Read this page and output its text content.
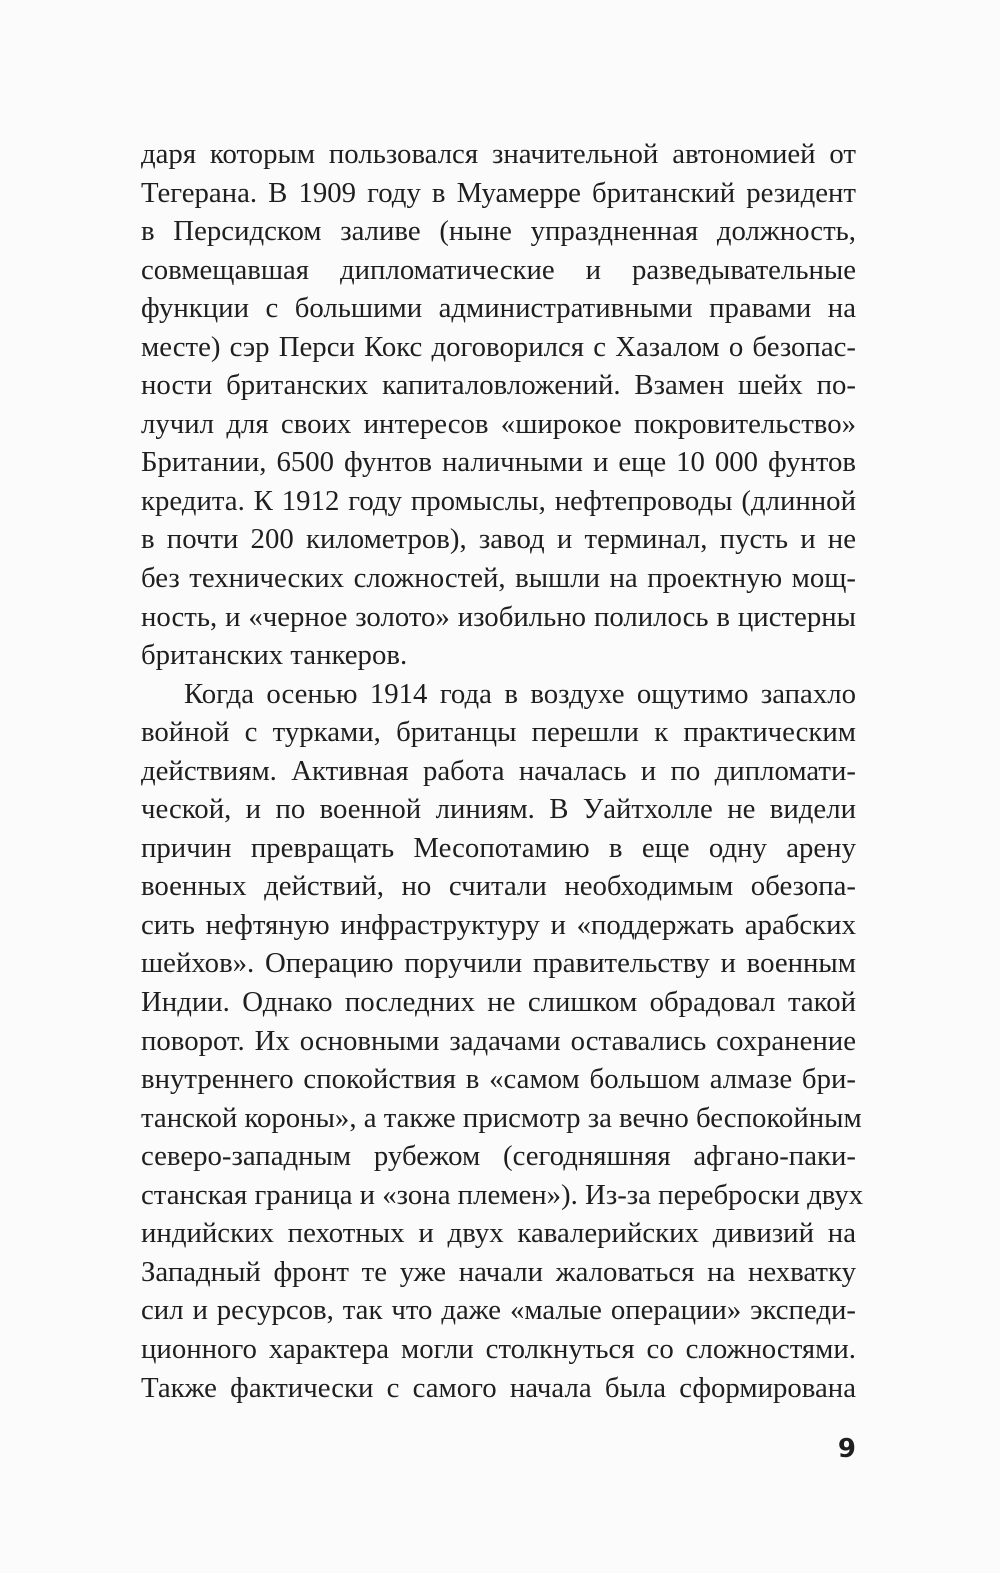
даря которым пользовался значительной автономией от
Тегерана. В 1909 году в Муамерре британский резидент
в Персидском заливе (ныне упраздненная должность,
совмещавшая дипломатические и разведывательные
функции с большими административными правами на
месте) сэр Перси Кокс договорился с Хазалом о безопас-
ности британских капиталовложений. Взамен шейх по-
лучил для своих интересов «широкое покровительство»
Британии, 6500 фунтов наличными и еще 10 000 фунтов
кредита. К 1912 году промыслы, нефтепроводы (длинной
в почти 200 километров), завод и терминал, пусть и не
без технических сложностей, вышли на проектную мощ-
ность, и «черное золото» изобильно полилось в цистерны
британских танкеров.
Когда осенью 1914 года в воздухе ощутимо запахло
войной с турками, британцы перешли к практическим
действиям. Активная работа началась и по дипломати-
ческой, и по военной линиям. В Уайтхолле не видели
причин превращать Месопотамию в еще одну арену
военных действий, но считали необходимым обезопа-
сить нефтяную инфраструктуру и «поддержать арабских
шейхов». Операцию поручили правительству и военным
Индии. Однако последних не слишком обрадовал такой
поворот. Их основными задачами оставались сохранение
внутреннего спокойствия в «самом большом алмазе бри-
танской короны», а также присмотр за вечно беспокойным
северо-западным рубежом (сегодняшняя афгано-паки-
станская граница и «зона племен»). Из-за переброски двух
индийских пехотных и двух кавалерийских дивизий на
Западный фронт те уже начали жаловаться на нехватку
сил и ресурсов, так что даже «малые операции» экспеди-
ционного характера могли столкнуться со сложностями.
Также фактически с самого начала была сформирована
9
